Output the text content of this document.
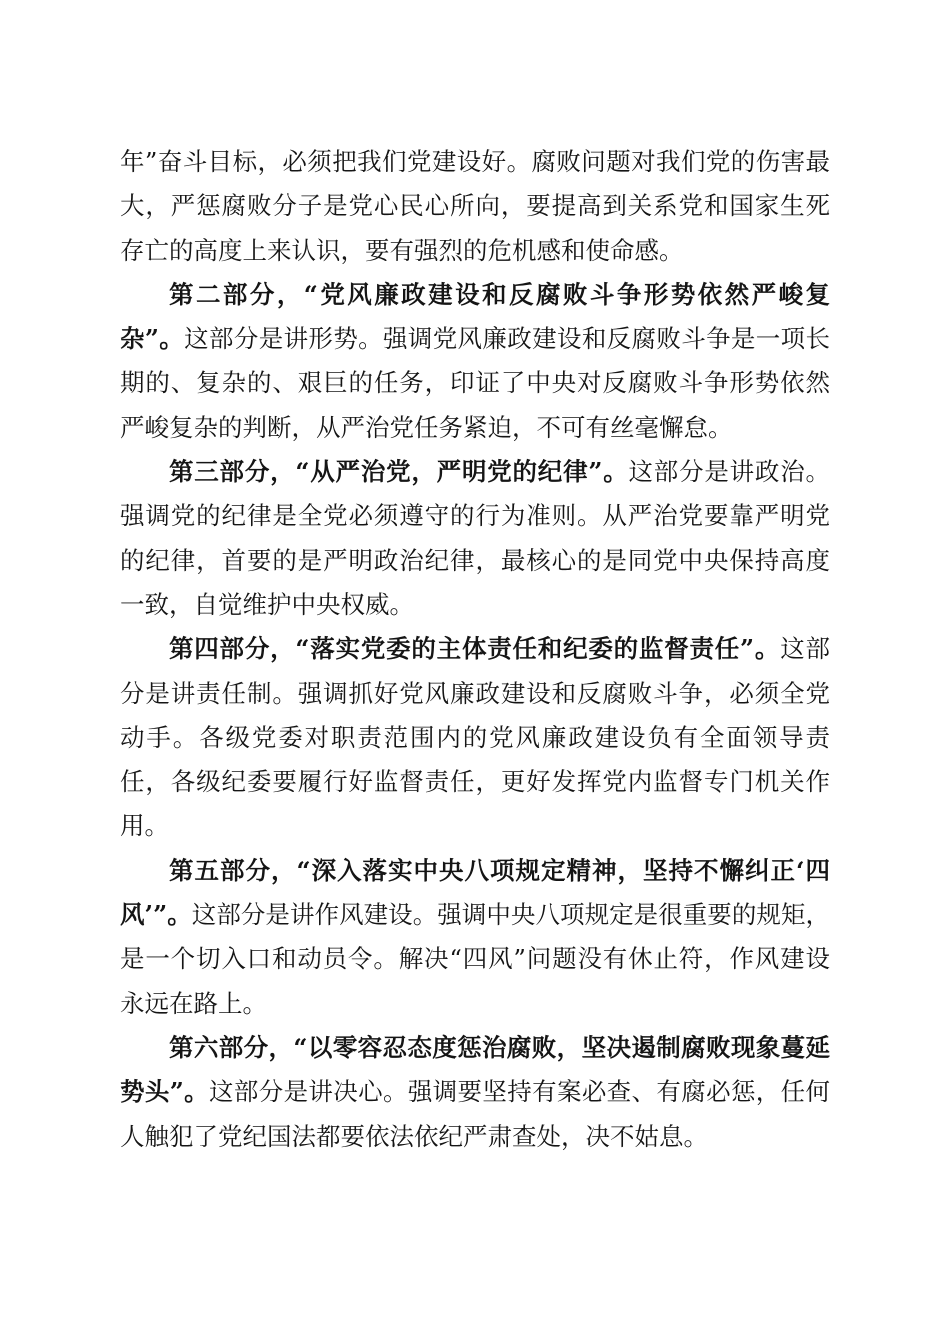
年”奋斗目标，必须把我们党建设好。腐败问题对我们党的伤害最大，严惩腐败分子是党心民心所向，要提高到关系党和国家生死存亡的高度上来认识，要有强烈的危机感和使命感。

第二部分，“党风廉政建设和反腐败斗争形势依然严峻复杂”。这部分是讲形势。强调党风廉政建设和反腐败斗争是一项长期的、复杂的、艰巨的任务，印证了中央对反腐败斗争形势依然严峻复杂的判断，从严治党任务紧迫，不可有丝毫懈怠。

第三部分，“从严治党，严明党的纪律”。这部分是讲政治。强调党的纪律是全党必须遵守的行为准则。从严治党要靠严明党的纪律，首要的是严明政治纪律，最核心的是同党中央保持高度一致，自觉维护中央权威。

第四部分，“落实党委的主体责任和纪委的监督责任”。这部分是讲责任制。强调抓好党风廉政建设和反腐败斗争，必须全党动手。各级党委对职责范围内的党风廉政建设负有全面领导责任，各级纪委要履行好监督责任，更好发挥党内监督专门机关作用。

第五部分，“深入落实中央八项规定精神，坚持不懈纠正‘四风’”。这部分是讲作风建设。强调中央八项规定是很重要的规矩，是一个切入口和动员令。解决“四风”问题没有休止符，作风建设永远在路上。

第六部分，“以零容忍态度惩治腐败，坚决遏制腐败现象蔓延势头”。这部分是讲决心。强调要坚持有案必查、有腐必惩，任何人触犯了党纪国法都要依法依纪严肃查处，决不姑息。
